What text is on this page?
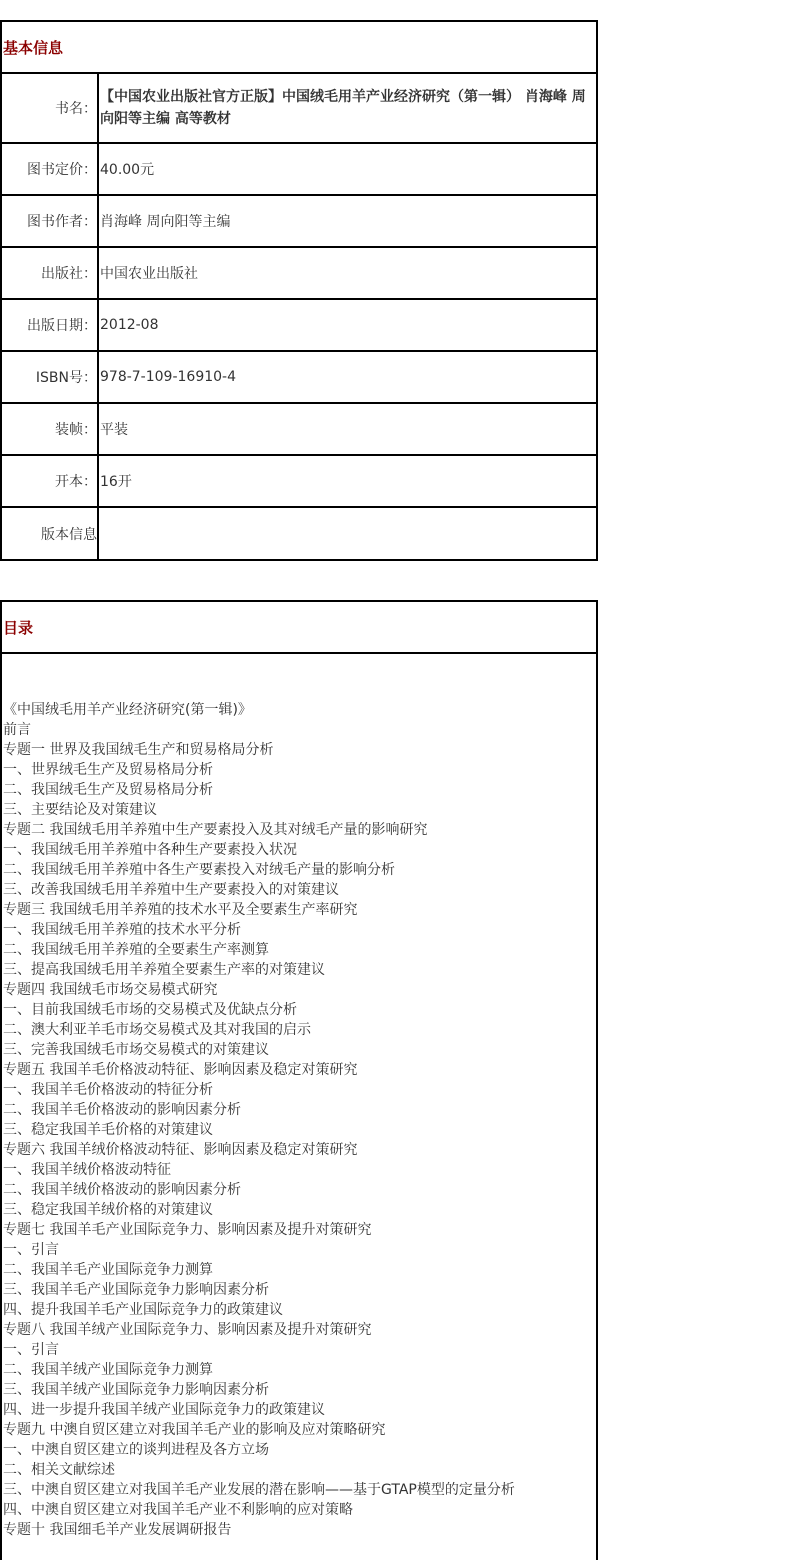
基本信息
书名：
【中国农业出版社官方正版】中国绒毛用羊产业经济研究（第一辑） 肖海峰 周向阳等主编 高等教材
图书定价： 40.00元
图书作者： 肖海峰 周向阳等主编
出版社： 中国农业出版社
出版日期： 2012-08
ISBN号： 978-7-109-16910-4
装帧： 平装
开本： 16开
版本信息
目录
《中国绒毛用羊产业经济研究(第一辑)》
前言
专题一 世界及我国绒毛生产和贸易格局分析
一、世界绒毛生产及贸易格局分析
二、我国绒毛生产及贸易格局分析
三、主要结论及对策建议
专题二 我国绒毛用羊养殖中生产要素投入及其对绒毛产量的影响研究
一、我国绒毛用羊养殖中各种生产要素投入状况
二、我国绒毛用羊养殖中各生产要素投入对绒毛产量的影响分析
三、改善我国绒毛用羊养殖中生产要素投入的对策建议
专题三 我国绒毛用羊养殖的技术水平及全要素生产率研究
一、我国绒毛用羊养殖的技术水平分析
二、我国绒毛用羊养殖的全要素生产率测算
三、提高我国绒毛用羊养殖全要素生产率的对策建议
专题四 我国绒毛市场交易模式研究
一、目前我国绒毛市场的交易模式及优缺点分析
二、澳大利亚羊毛市场交易模式及其对我国的启示
三、完善我国绒毛市场交易模式的对策建议
专题五 我国羊毛价格波动特征、影响因素及稳定对策研究
一、我国羊毛价格波动的特征分析
二、我国羊毛价格波动的影响因素分析
三、稳定我国羊毛价格的对策建议
专题六 我国羊绒价格波动特征、影响因素及稳定对策研究
一、我国羊绒价格波动特征
二、我国羊绒价格波动的影响因素分析
三、稳定我国羊绒价格的对策建议
专题七 我国羊毛产业国际竞争力、影响因素及提升对策研究
一、引言
二、我国羊毛产业国际竞争力测算
三、我国羊毛产业国际竞争力影响因素分析
四、提升我国羊毛产业国际竞争力的政策建议
专题八 我国羊绒产业国际竞争力、影响因素及提升对策研究
一、引言
二、我国羊绒产业国际竞争力测算
三、我国羊绒产业国际竞争力影响因素分析
四、进一步提升我国羊绒产业国际竞争力的政策建议
专题九 中澳自贸区建立对我国羊毛产业的影响及应对策略研究
一、中澳自贸区建立的谈判进程及各方立场
二、相关文献综述
三、中澳自贸区建立对我国羊毛产业发展的潜在影响——基于GTAP模型的定量分析
四、中澳自贸区建立对我国羊毛产业不利影响的应对策略
专题十 我国细毛羊产业发展调研报告
